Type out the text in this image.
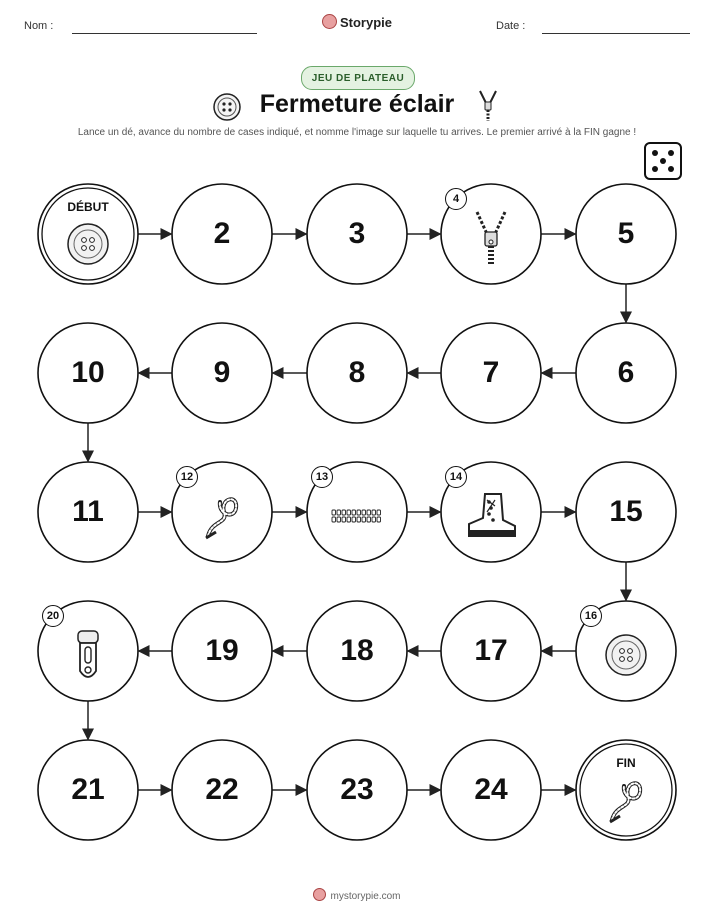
Nom :	Storypie	Date :
JEU DE PLATEAU
Fermeture éclair
Lance un dé, avance du nombre de cases indiqué, et nomme l'image sur laquelle tu arrives. Le premier arrivé à la FIN gagne !
DÉBUT
2	3
4
5
6
7
8
9
10
11
12	13	14
15
16
17
18
19
20
21	22	23	24
FIN
mystorypie.com
